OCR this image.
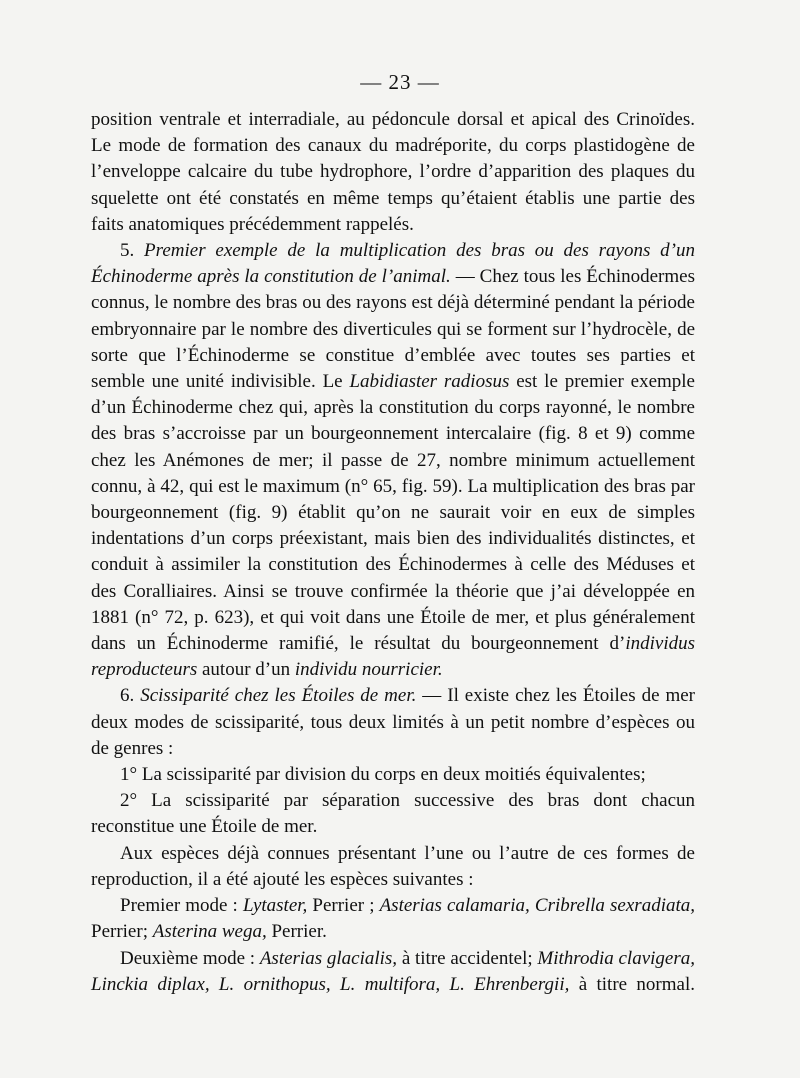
— 23 —

position ventrale et interradiale, au pédoncule dorsal et apical des Crinoïdes. Le mode de formation des canaux du madréporite, du corps plastidogène de l’enveloppe calcaire du tube hydrophore, l’ordre d’apparition des plaques du squelette ont été constatés en même temps qu’étaient établis une partie des faits anatomiques précédemment rappelés.

5. Premier exemple de la multiplication des bras ou des rayons d’un Échinoderme après la constitution de l’animal. — Chez tous les Échinodermes connus, le nombre des bras ou des rayons est déjà déterminé pendant la période embryonnaire par le nombre des diverticules qui se forment sur l’hydrocèle, de sorte que l’Échinoderme se constitue d’emblée avec toutes ses parties et semble une unité indivisible. Le Labidiaster radiosus est le premier exemple d’un Échinoderme chez qui, après la constitution du corps rayonné, le nombre des bras s’accroisse par un bourgeonnement intercalaire (fig. 8 et 9) comme chez les Anémones de mer; il passe de 27, nombre minimum actuellement connu, à 42, qui est le maximum (n° 65, fig. 59). La multiplication des bras par bourgeonnement (fig. 9) établit qu’on ne saurait voir en eux de simples indentations d’un corps préexistant, mais bien des individualités distinctes, et conduit à assimiler la constitution des Échinodermes à celle des Méduses et des Coralliaires. Ainsi se trouve confirmée la théorie que j’ai développée en 1881 (n° 72, p. 623), et qui voit dans une Étoile de mer, et plus généralement dans un Échinoderme ramifié, le résultat du bourgeonnement d’individus reproducteurs autour d’un individu nourricier.

6. Scissiparité chez les Étoiles de mer. — Il existe chez les Étoiles de mer deux modes de scissiparité, tous deux limités à un petit nombre d’espèces ou de genres :

1° La scissiparité par division du corps en deux moitiés équivalentes;

2° La scissiparité par séparation successive des bras dont chacun reconstitue une Étoile de mer.

Aux espèces déjà connues présentant l’une ou l’autre de ces formes de reproduction, il a été ajouté les espèces suivantes :

Premier mode : Lytaster, Perrier ; Asterias calamaria, Cribrella sexradiata, Perrier; Asterina wega, Perrier.

Deuxième mode : Asterias glacialis, à titre accidentel; Mithrodia clavigera, Linckia diplax, L. ornithopus, L. multifora, L. Ehrenbergii, à titre normal.
